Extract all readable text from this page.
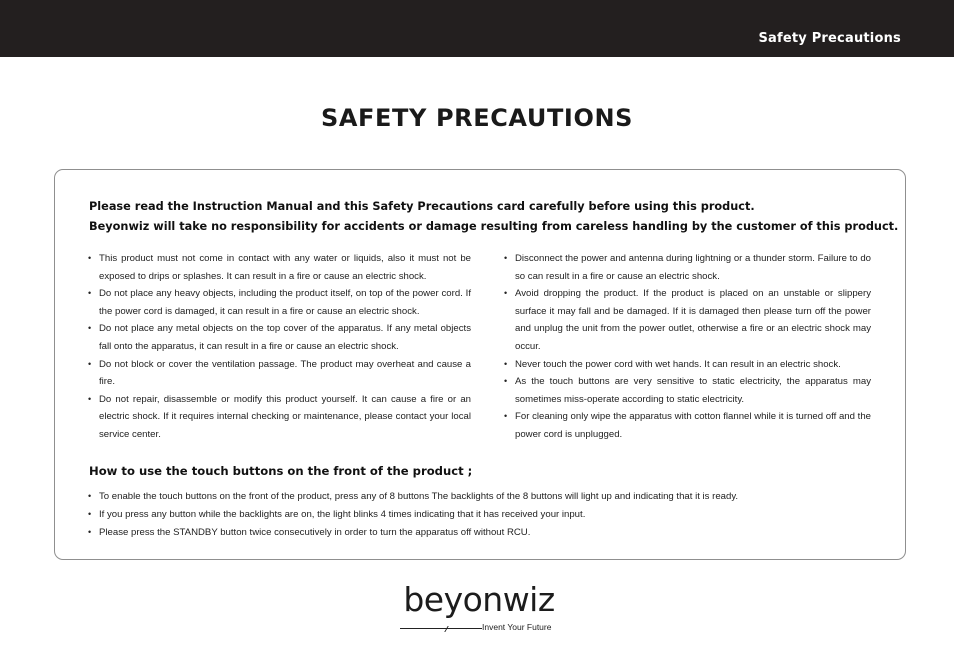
Safety Precautions
SAFETY PRECAUTIONS

Please read the Instruction Manual and this Safety Precautions card carefully before using this product.

Beyonwiz will take no responsibility for accidents or damage resulting from careless handling by the customer of this product.

• This product must not come in contact with any water or liquids, also it must not be exposed to drips or splashes. It can result in a fire or cause an electric shock.
• Do not place any heavy objects, including the product itself, on top of the power cord. If the power cord is damaged, it can result in a fire or cause an electric shock.
• Do not place any metal objects on the top cover of the apparatus. If any metal objects fall onto the apparatus, it can result in a fire or cause an electric shock.
• Do not block or cover the ventilation passage. The product may overheat and cause a fire.
• Do not repair, disassemble or modify this product yourself. It can cause a fire or an electric shock. If it requires internal checking or maintenance, please contact your local service center.
• Disconnect the power and antenna during lightning or a thunder storm. Failure to do so can result in a fire or cause an electric shock.
• Avoid dropping the product. If the product is placed on an unstable or slippery surface it may fall and be damaged. If it is damaged then please turn off the power and unplug the unit from the power outlet, otherwise a fire or an electric shock may occur.
• Never touch the power cord with wet hands. It can result in an electric shock.
• As the touch buttons are very sensitive to static electricity, the apparatus may sometimes miss-operate according to static electricity.
• For cleaning only wipe the apparatus with cotton flannel while it is turned off and the power cord is unplugged.
How to use the touch buttons on the front of the product ;
• To enable the touch buttons on the front of the product, press any of 8 buttons The backlights of the 8 buttons will light up and indicating that it is ready.
• If you press any button while the backlights are on, the light blinks 4 times indicating that it has received your input.
• Please press the STANDBY button twice consecutively in order to turn the apparatus off without RCU.
beyonwiz
Invent Your Future
